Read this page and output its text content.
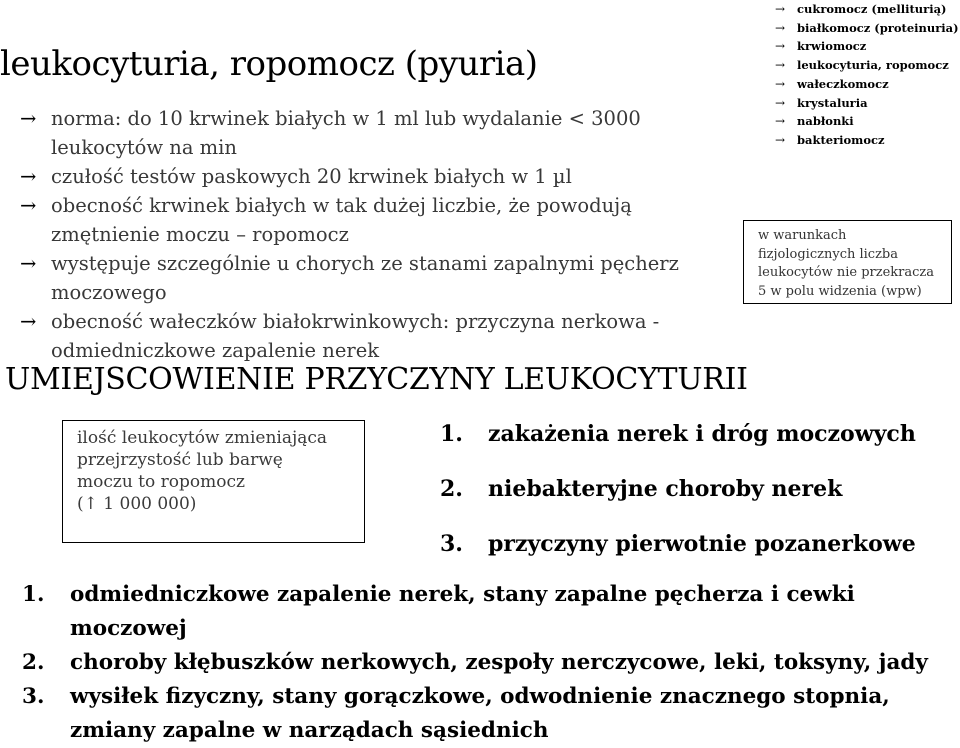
→	cukromocz (melliturią)
→	białkomocz (proteinuria)
→	krwiomocz
→	leukocyturia, ropomocz
→	wałeczkomocz
→	krystaluria
→	nabłonki
→	bakteriomocz
leukocyturia, ropomocz (pyuria)
→ norma: do 10 krwinek białych w 1 ml lub wydalanie < 3000 leukocytów na min
→ czułość testów paskowych 20 krwinek białych w 1 µl
→ obecność krwinek białych w tak dużej liczbie, że powodują zmętnienie moczu – ropomocz
→ występuje szczególnie u chorych ze stanami zapalnymi pęcherz moczowego
→ obecność wałeczków białokrwinkowych: przyczyna nerkowa - odmiedniczkowe zapalenie nerek
w warunkach fizjologicznych liczba leukocytów nie przekracza 5 w polu widzenia (wpw)
UMIEJSCOWIENIE PRZYCZYNY LEUKOCYTURII
ilość leukocytów zmieniająca
przejrzystość lub barwę
moczu to ropomocz
(↑ 1 000 000)
1.	zakażenia nerek i dróg moczowych
2.	niebakteryjne choroby nerek
3.	przyczyny pierwotnie pozanerkowe
1. odmiedniczkowe zapalenie nerek, stany zapalne pęcherza i cewki moczowej
2. choroby kłębuszków nerkowych, zespoły nerczycowe, leki, toksyny, jady
3. wysiłek fizyczny, stany gorączkowe, odwodnienie znacznego stopnia, zmiany zapalne w narządach sąsiednich
